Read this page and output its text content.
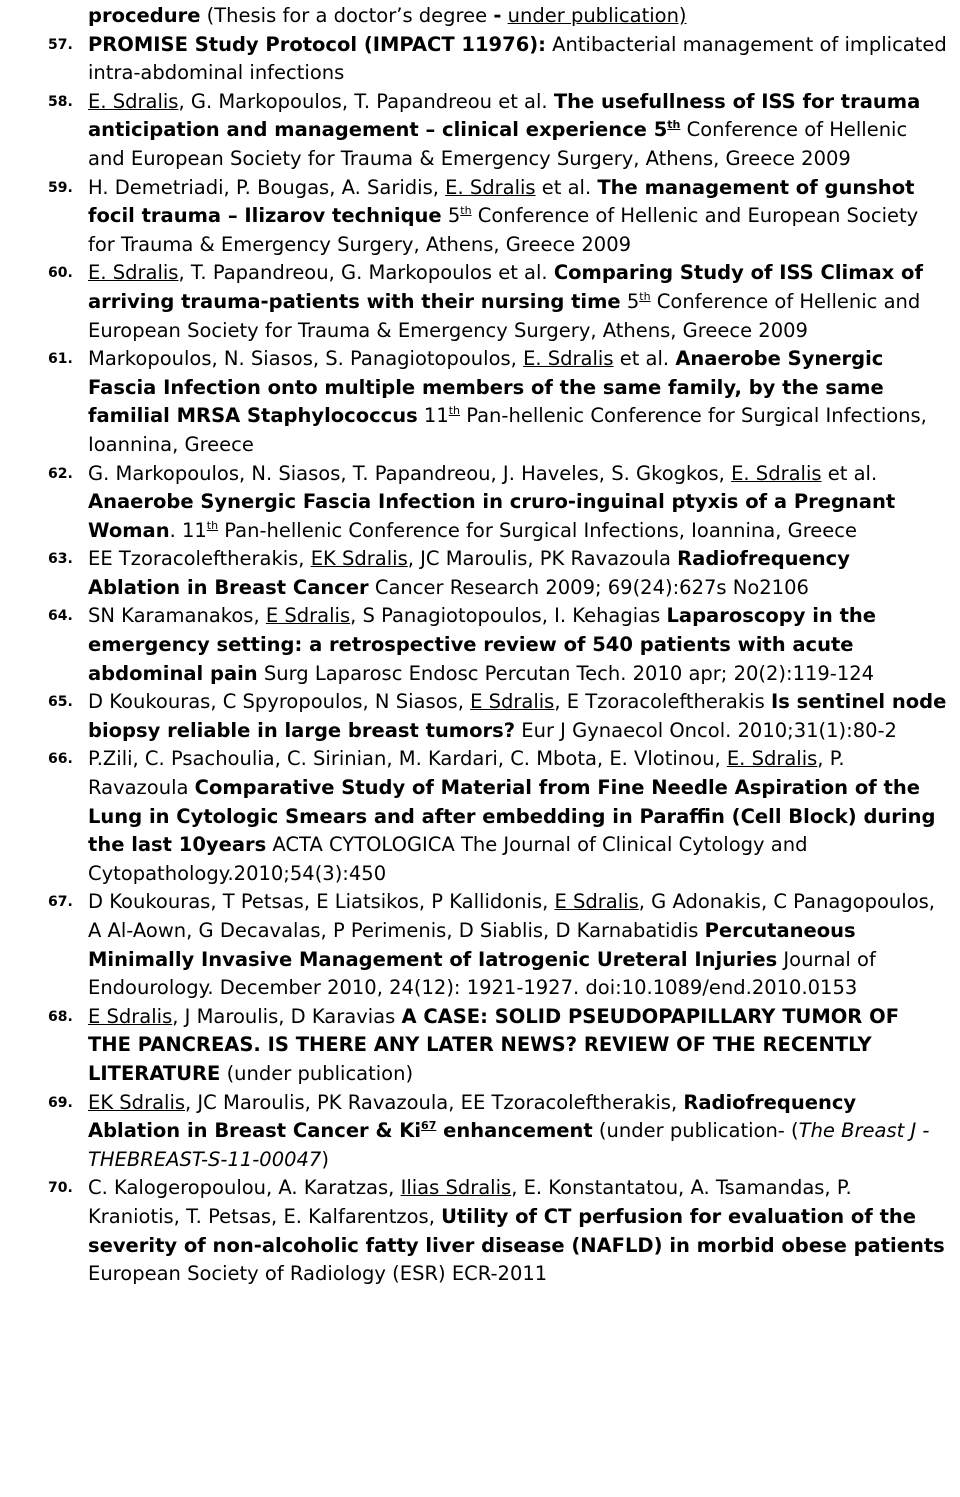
procedure (Thesis for a doctor’s degree - under publication)
57. PROMISE Study Protocol (IMPACT 11976): Antibacterial management of implicated intra-abdominal infections
58. E. Sdralis, G. Markopoulos, T. Papandreou et al. The usefullness of ISS for trauma anticipation and management – clinical experience 5th Conference of Hellenic and European Society for Trauma & Emergency Surgery, Athens, Greece 2009
59. H. Demetriadi, P. Bougas, A. Saridis, E. Sdralis et al. The management of gunshot focil trauma – Ilizarov technique 5th Conference of Hellenic and European Society for Trauma & Emergency Surgery, Athens, Greece 2009
60. E. Sdralis, T. Papandreou, G. Markopoulos et al. Comparing Study of ISS Climax of arriving trauma-patients with their nursing time 5th Conference of Hellenic and European Society for Trauma & Emergency Surgery, Athens, Greece 2009
61. Markopoulos, N. Siasos, S. Panagiotopoulos, E. Sdralis et al. Anaerobe Synergic Fascia Infection onto multiple members of the same family, by the same familial MRSA Staphylococcus 11th Pan-hellenic Conference for Surgical Infections, Ioannina, Greece
62. G. Markopoulos, N. Siasos, T. Papandreou, J. Haveles, S. Gkogkos, E. Sdralis et al. Anaerobe Synergic Fascia Infection in cruro-inguinal ptyxis of a Pregnant Woman. 11th Pan-hellenic Conference for Surgical Infections, Ioannina, Greece
63. EE Tzoracoleftherakis, EK Sdralis, JC Maroulis, PK Ravazoula Radiofrequency Ablation in Breast Cancer Cancer Research 2009; 69(24):627s No2106
64. SN Karamanakos, E Sdralis, S Panagiotopoulos, I. Kehagias Laparoscopy in the emergency setting: a retrospective review of 540 patients with acute abdominal pain Surg Laparosc Endosc Percutan Tech. 2010 apr; 20(2):119-124
65. D Koukouras, C Spyropoulos, N Siasos, E Sdralis, E Tzoracoleftherakis Is sentinel node biopsy reliable in large breast tumors? Eur J Gynaecol Oncol. 2010;31(1):80-2
66. P.Zili, C. Psachoulia, C. Sirinian, M. Kardari, C. Mbota, E. Vlotinou, E. Sdralis, P. Ravazoula Comparative Study of Material from Fine Needle Aspiration of the Lung in Cytologic Smears and after embedding in Paraffin (Cell Block) during the last 10years ACTA CYTOLOGICA The Journal of Clinical Cytology and Cytopathology.2010;54(3):450
67. D Koukouras, T Petsas, E Liatsikos, P Kallidonis, E Sdralis, G Adonakis, C Panagopoulos, A Al-Aown, G Decavalas, P Perimenis, D Siablis, D Karnabatidis Percutaneous Minimally Invasive Management of Iatrogenic Ureteral Injuries Journal of Endourology. December 2010, 24(12): 1921-1927. doi:10.1089/end.2010.0153
68. E Sdralis, J Maroulis, D Karavias A CASE: SOLID PSEUDOPAPILLARY TUMOR OF THE PANCREAS. IS THERE ANY LATER NEWS? REVIEW OF THE RECENTLY LITERATURE (under publication)
69. EK Sdralis, JC Maroulis, PK Ravazoula, EE Tzoracoleftherakis, Radiofrequency Ablation in Breast Cancer & Ki$^{67}$ enhancement (under publication- (The Breast J - THEBREAST-S-11-00047)
70. C. Kalogeropoulou, A. Karatzas, Ilias Sdralis, E. Konstantatou, A. Tsamandas, P. Kraniotis, T. Petsas, E. Kalfarentzos, Utility of CT perfusion for evaluation of the severity of non-alcoholic fatty liver disease (NAFLD) in morbid obese patients European Society of Radiology (ESR) ECR-2011
